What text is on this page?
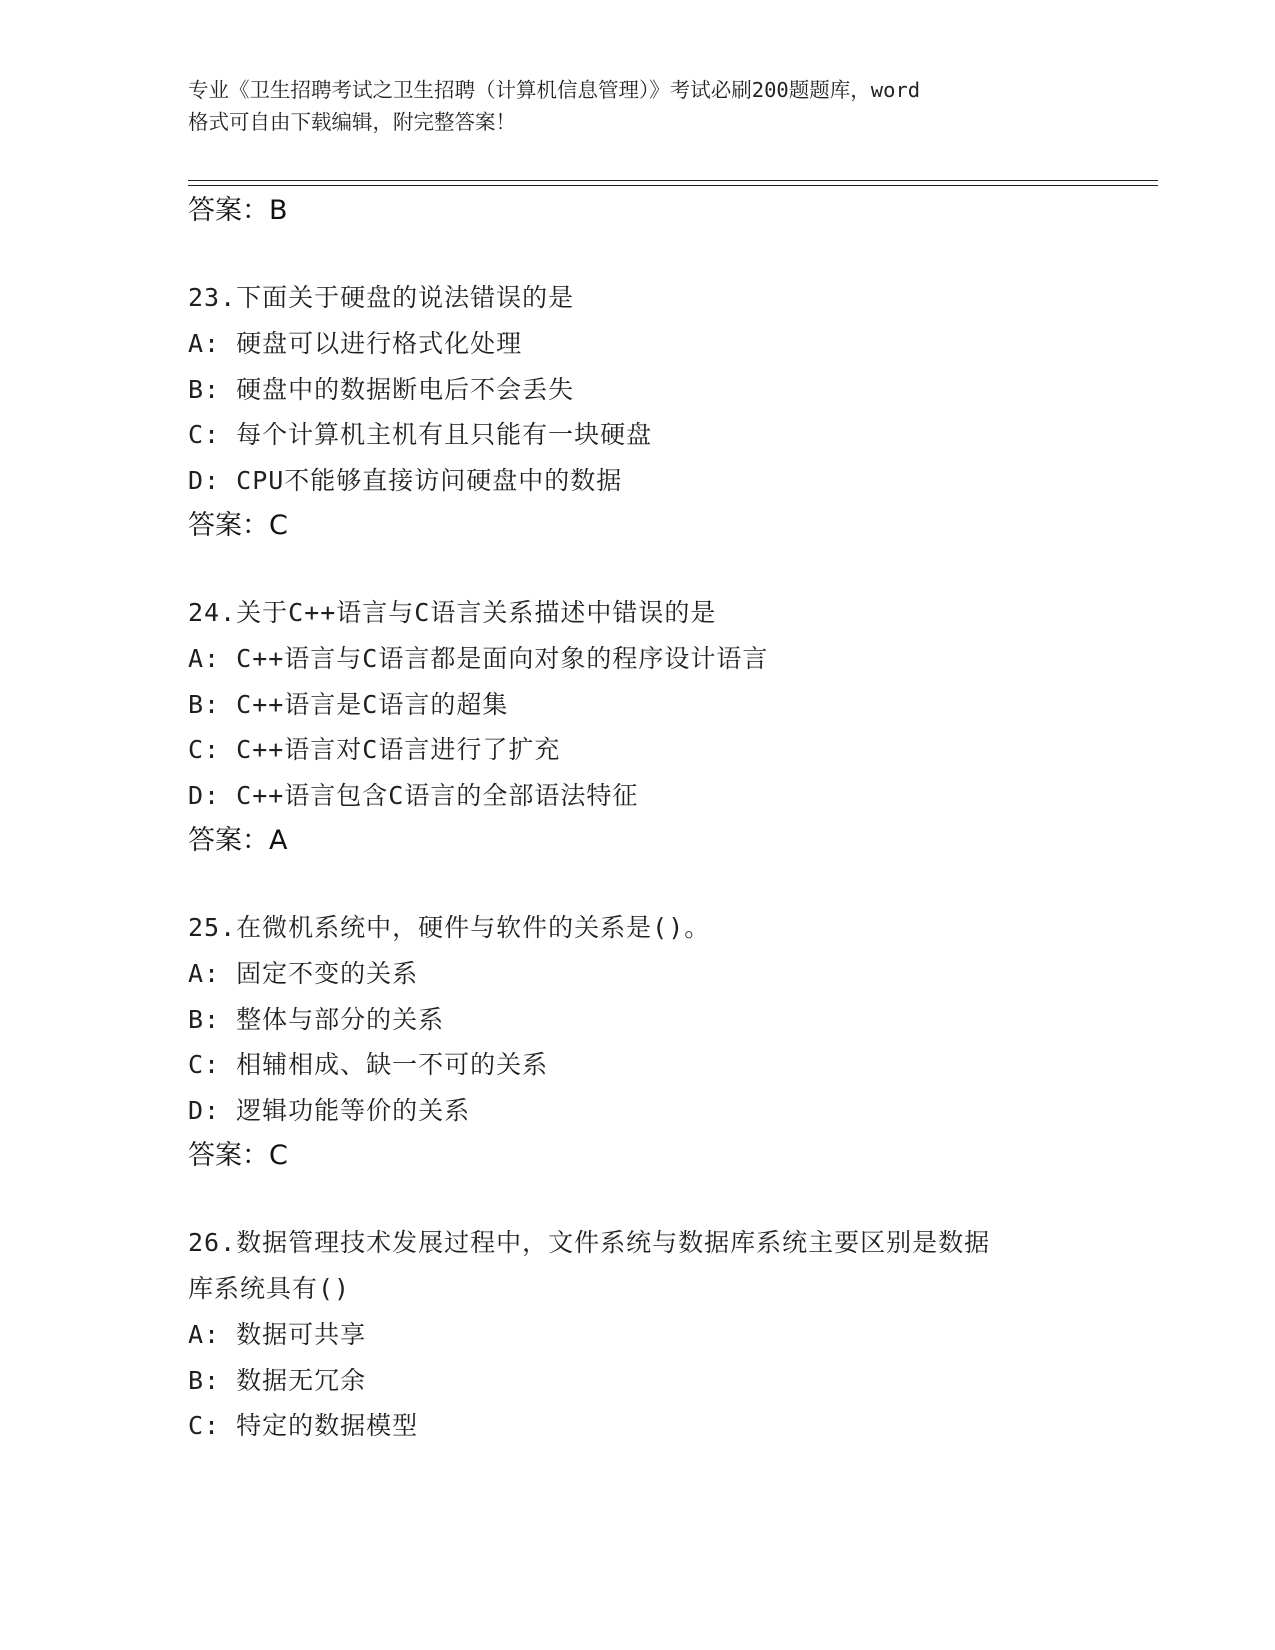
专业《卫生招聘考试之卫生招聘（计算机信息管理）》考试必刷200题题库，word
格式可自由下载编辑，附完整答案！
答案：B
23.下面关于硬盘的说法错误的是
A: 硬盘可以进行格式化处理
B: 硬盘中的数据断电后不会丢失
C: 每个计算机主机有且只能有一块硬盘
D: CPU不能够直接访问硬盘中的数据
答案：C
24.关于C++语言与C语言关系描述中错误的是
A: C++语言与C语言都是面向对象的程序设计语言
B: C++语言是C语言的超集
C: C++语言对C语言进行了扩充
D: C++语言包含C语言的全部语法特征
答案：A
25.在微机系统中，硬件与软件的关系是()。
A: 固定不变的关系
B: 整体与部分的关系
C: 相辅相成、缺一不可的关系
D: 逻辑功能等价的关系
答案：C
26.数据管理技术发展过程中，文件系统与数据库系统主要区别是数据
库系统具有()
A: 数据可共享
B: 数据无冗余
C: 特定的数据模型
